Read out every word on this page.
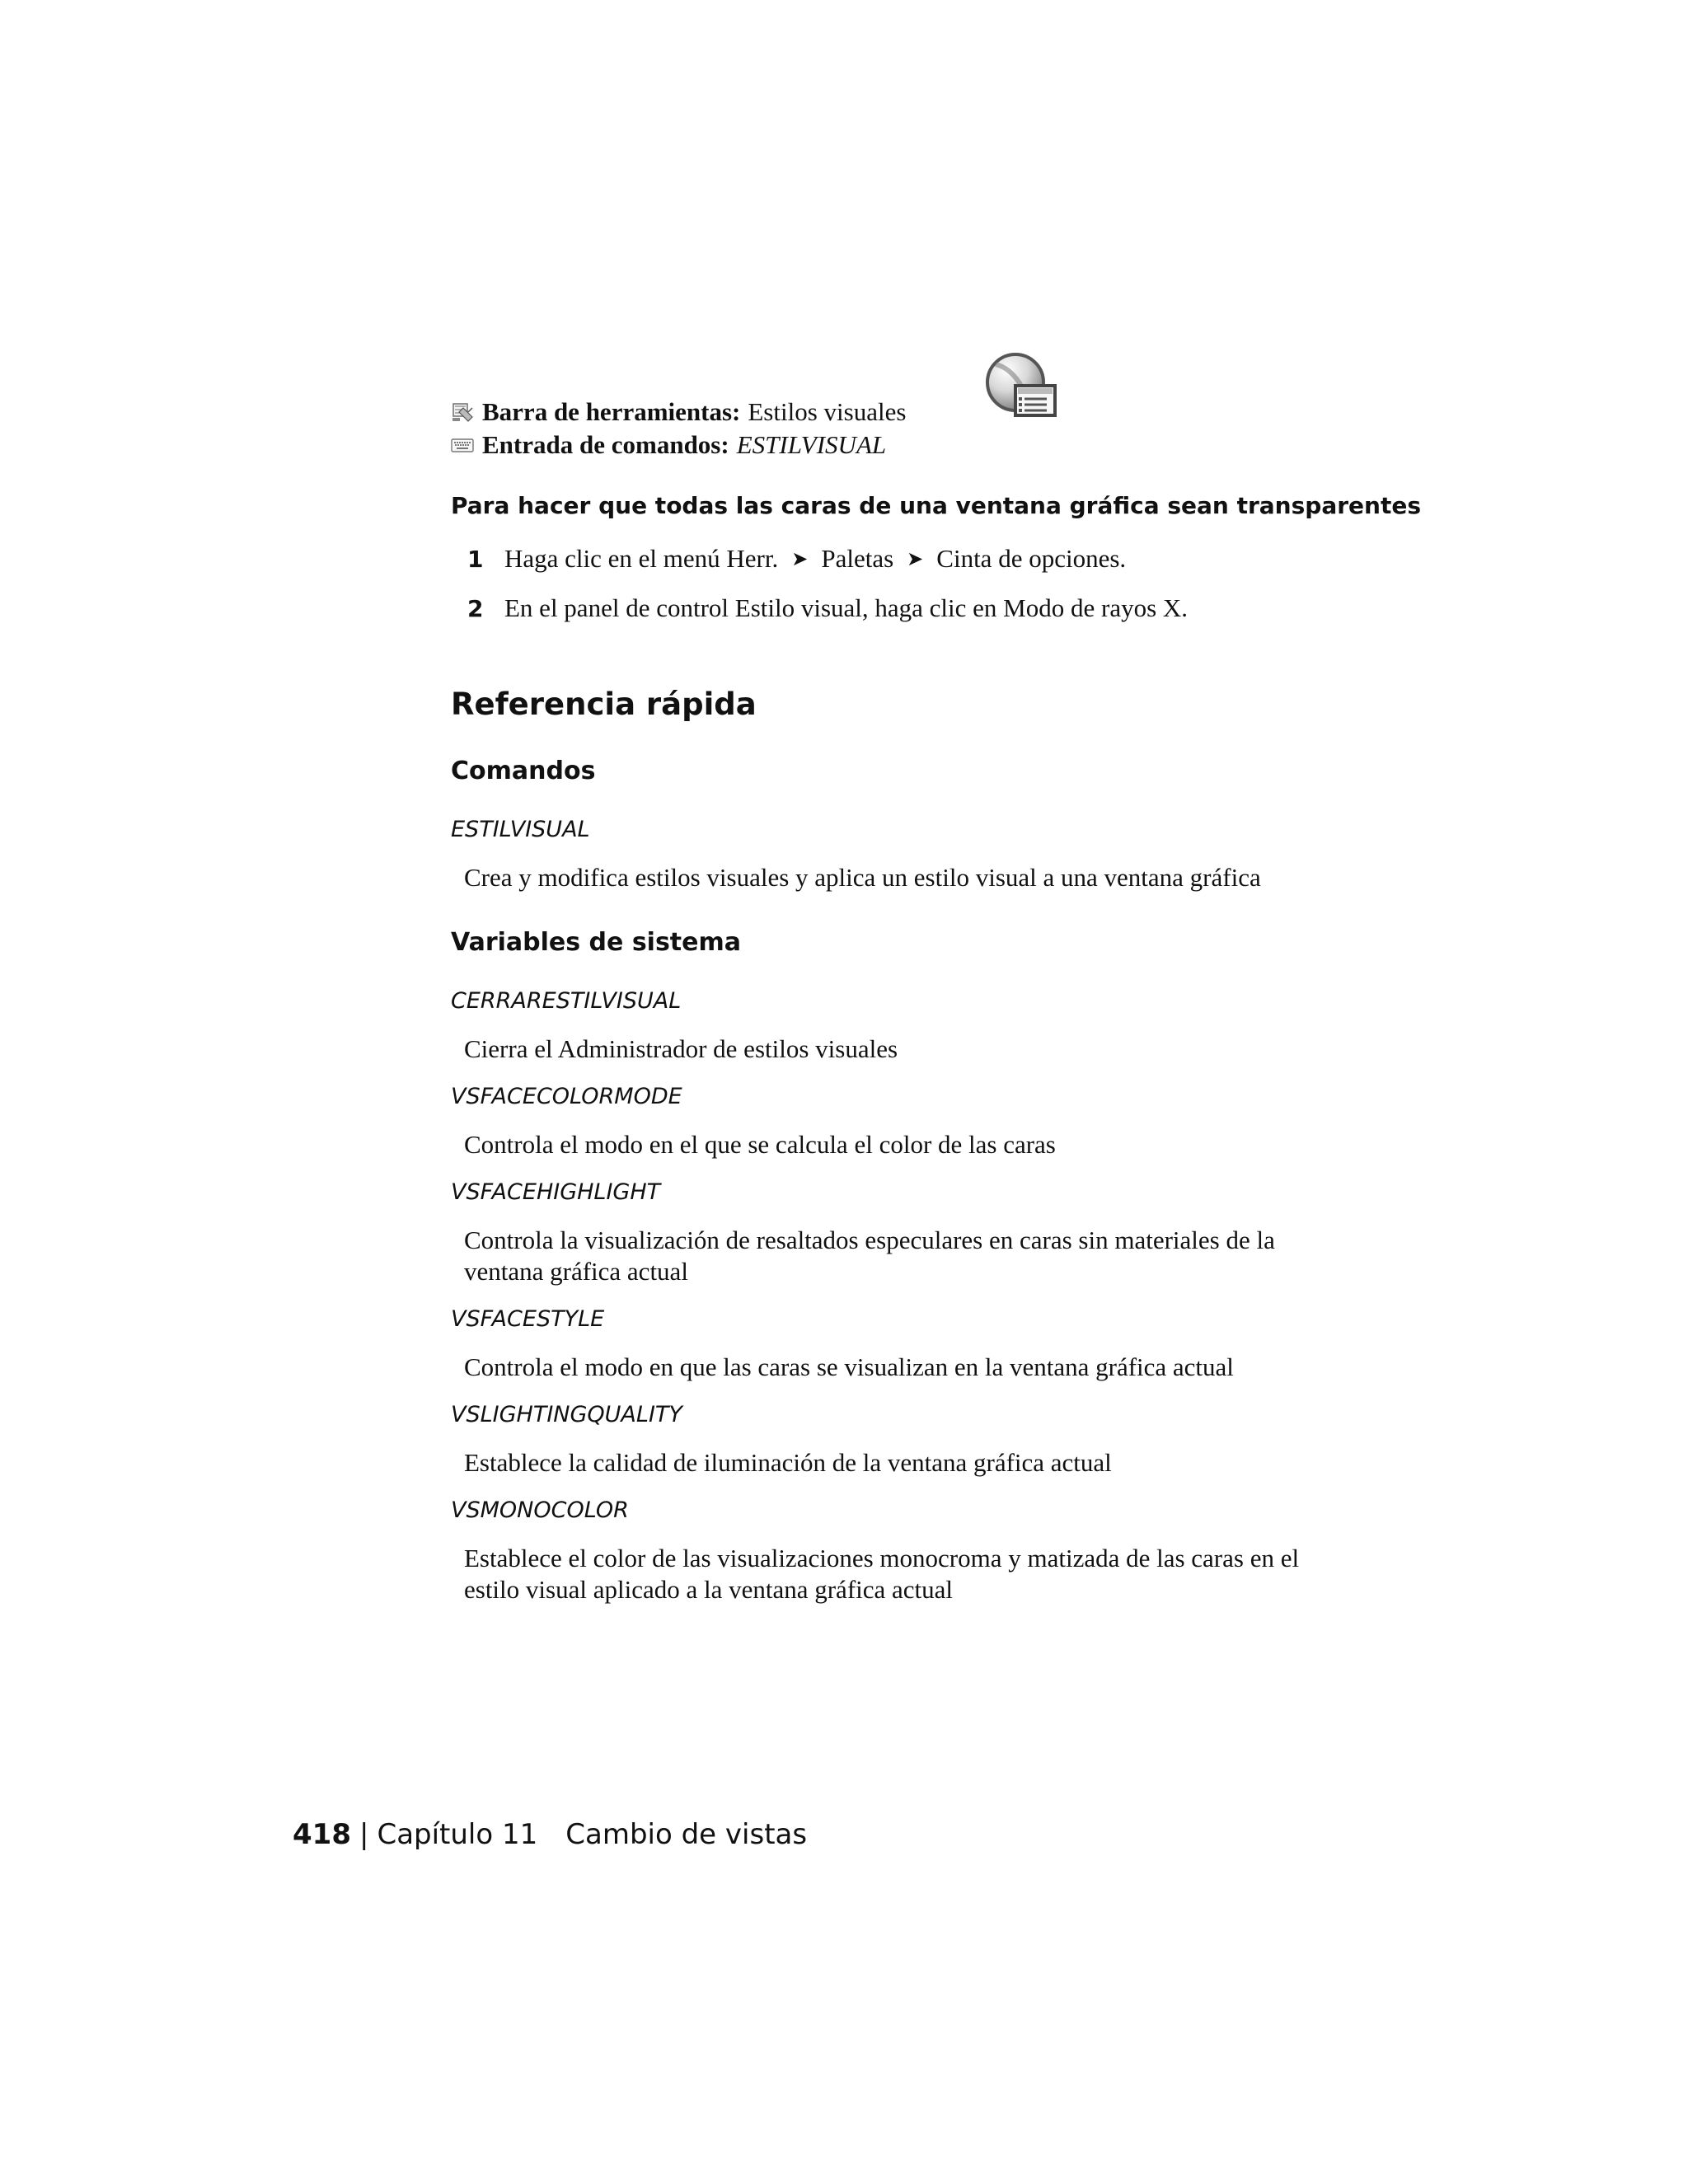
Barra de herramientas: Estilos visuales
Entrada de comandos: ESTILVISUAL
Para hacer que todas las caras de una ventana gráfica sean transparentes
1 Haga clic en el menú Herr. ➤ Paletas ➤ Cinta de opciones.
2 En el panel de control Estilo visual, haga clic en Modo de rayos X.
Referencia rápida
Comandos
ESTILVISUAL
Crea y modifica estilos visuales y aplica un estilo visual a una ventana gráfica
Variables de sistema
CERRARESTILVISUAL
Cierra el Administrador de estilos visuales
VSFACECOLORMODE
Controla el modo en el que se calcula el color de las caras
VSFACEHIGHLIGHT
Controla la visualización de resaltados especulares en caras sin materiales de la ventana gráfica actual
VSFACESTYLE
Controla el modo en que las caras se visualizan en la ventana gráfica actual
VSLIGHTINGQUALITY
Establece la calidad de iluminación de la ventana gráfica actual
VSMONOCOLOR
Establece el color de las visualizaciones monocroma y matizada de las caras en el estilo visual aplicado a la ventana gráfica actual
418 | Capítulo 11 Cambio de vistas
